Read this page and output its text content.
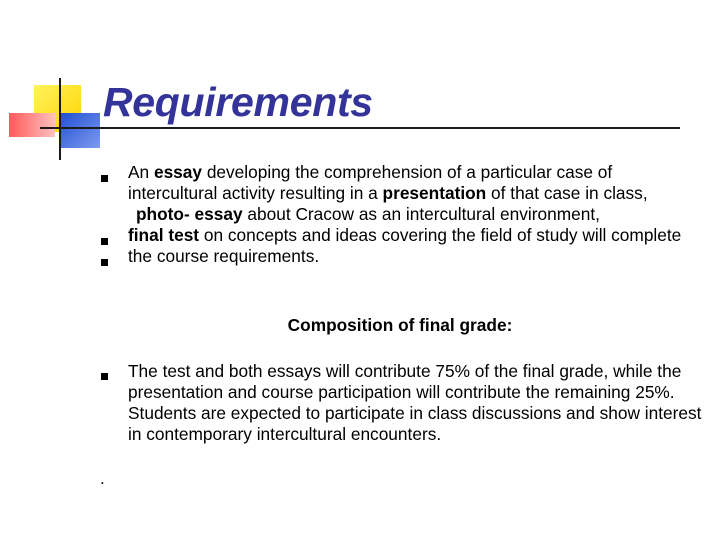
Requirements

An essay developing the comprehension of a particular case of intercultural activity resulting in a presentation of that case in class,

photo- essay about Cracow as an intercultural environment,

final test on concepts and ideas covering the field of study will complete the course requirements.

Composition of final grade:
The test and both essays will contribute 75% of the final grade, while the presentation and course participation will contribute the remaining 25%. Students are expected to participate in class discussions and show interest in contemporary intercultural encounters.
.
